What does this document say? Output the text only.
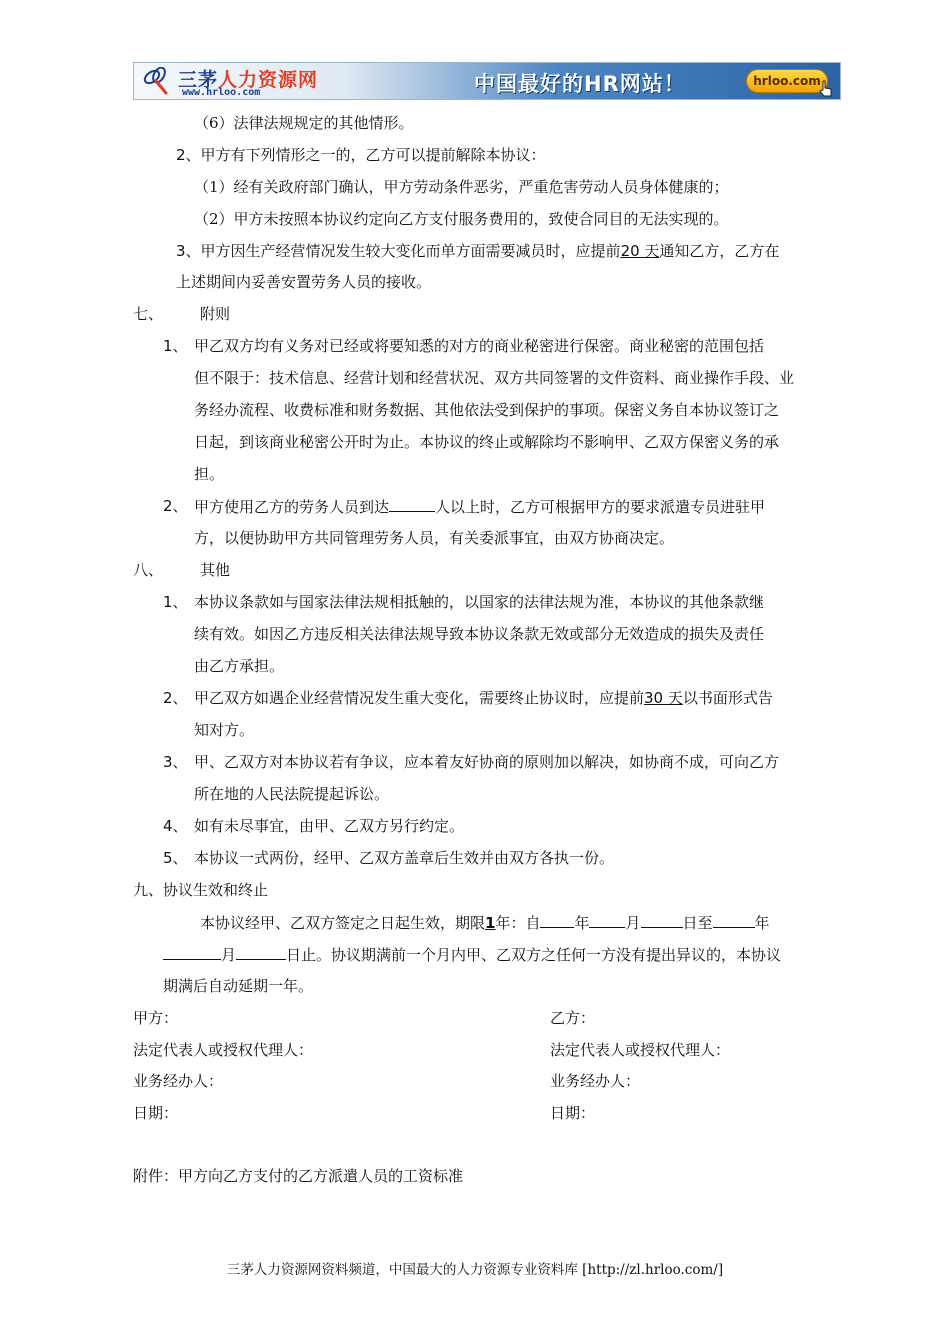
三茅人力资源网
www.hrloo.com	中国最好的HR网站！	hrloo.com
（6）法律法规规定的其他情形。
2、甲方有下列情形之一的，乙方可以提前解除本协议：
（1）经有关政府部门确认，甲方劳动条件恶劣，严重危害劳动人员身体健康的；
（2）甲方未按照本协议约定向乙方支付服务费用的，致使合同目的无法实现的。
3、甲方因生产经营情况发生较大变化而单方面需要减员时，应提前20 天通知乙方，乙方在
上述期间内妥善安置劳务人员的接收。
七、 附则
1、 甲乙双方均有义务对已经或将要知悉的对方的商业秘密进行保密。商业秘密的范围包括
但不限于：技术信息、经营计划和经营状况、双方共同签署的文件资料、商业操作手段、业
务经办流程、收费标准和财务数据、其他依法受到保护的事项。保密义务自本协议签订之
日起，到该商业秘密公开时为止。本协议的终止或解除均不影响甲、乙双方保密义务的承
担。
2、 甲方使用乙方的劳务人员到达	人以上时，乙方可根据甲方的要求派遣专员进驻甲
方，以便协助甲方共同管理劳务人员，有关委派事宜，由双方协商决定。
八、 其他
1、 本协议条款如与国家法律法规相抵触的，以国家的法律法规为准，本协议的其他条款继
续有效。如因乙方违反相关法律法规导致本协议条款无效或部分无效造成的损失及责任
由乙方承担。
2、 甲乙双方如遇企业经营情况发生重大变化，需要终止协议时，应提前30 天以书面形式告
知对方。
3、 甲、乙双方对本协议若有争议，应本着友好协商的原则加以解决，如协商不成，可向乙方
所在地的人民法院提起诉讼。
4、 如有未尽事宜，由甲、乙双方另行约定。
5、 本协议一式两份，经甲、乙双方盖章后生效并由双方各执一份。
九、协议生效和终止
本协议经甲、乙双方签定之日起生效，期限1年：自 年 月	日至	年
月	日止。协议期满前一个月内甲、乙双方之任何一方没有提出异议的，本协议
期满后自动延期一年。
甲方：	乙方：
法定代表人或授权代理人：	法定代表人或授权代理人：
业务经办人：	业务经办人：
日期：	日期：
附件：甲方向乙方支付的乙方派遣人员的工资标准
三茅人力资源网资料频道，中国最大的人力资源专业资料库 [http://zl.hrloo.com/]
